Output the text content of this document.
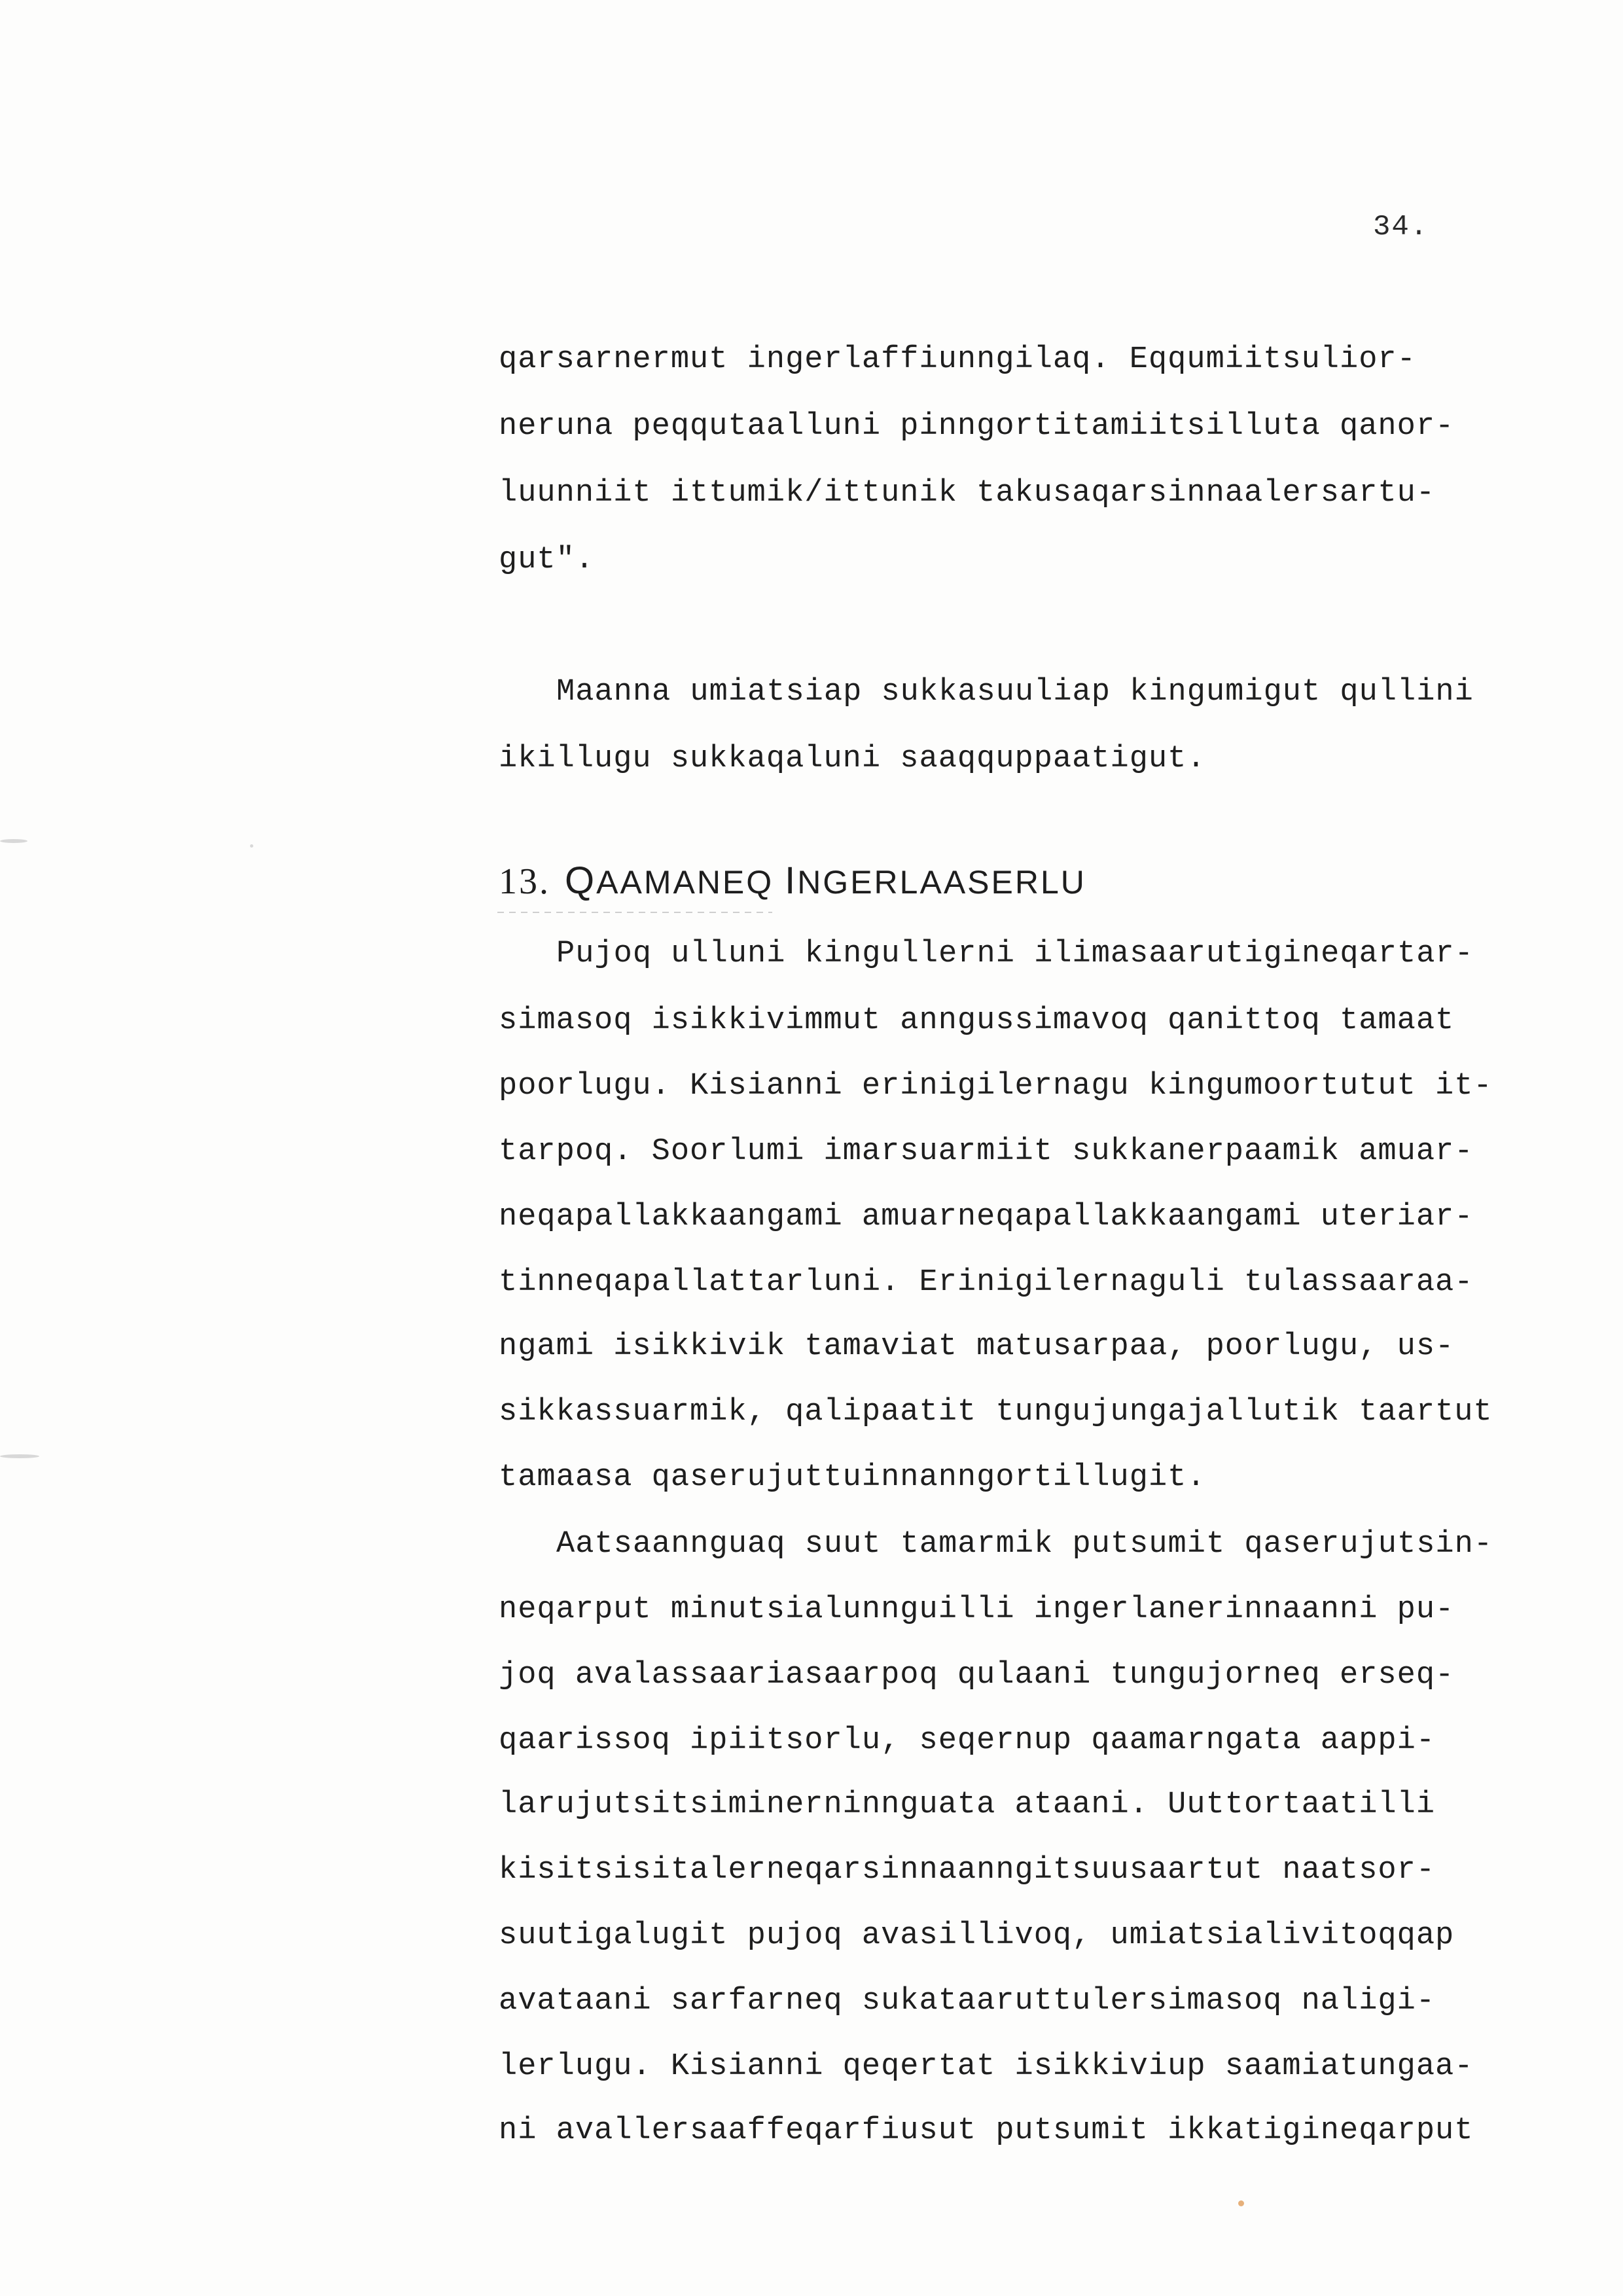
34.
qarsarnermut ingerlaffiunngilaq. Eqqumiitsulior-
neruna peqqutaalluni pinngortitamiitsilluta qanor-
luunniit ittumik/ittunik takusaqarsinnaalersartu-
gut".
Maanna umiatsiap sukkasuuliap kingumigut qullini
ikillugu sukkaqaluni saaqquppaatigut.
13. QAAMANEQ INGERLAASERLU
Pujoq ulluni kingullerni ilimasaarutigineqartar-
simasoq isikkivimmut anngussimavoq qanittoq tamaat
poorlugu. Kisianni erinigilernagu kingumoortutut it-
tarpoq. Soorlumi imarsuarmiit sukkanerpaamik amuar-
neqapallakkaangami amuarneqapallakkaangami uteriar-
tinneqapallattarluni. Erinigilernaguli tulassaaraa-
ngami isikkivik tamaviat matusarpaa, poorlugu, us-
sikkassuarmik, qalipaatit tungujungajallutik taartut
tamaasa qaserujuttuinnanngortillugit.
Aatsaannguaq suut tamarmik putsumit qaserujutsin-
neqarput minutsialunnguilli ingerlanerinnaanni pu-
joq avalassaariasaarpoq qulaani tungujorneq erseq-
qaarissoq ipiitsorlu, seqernup qaamarngata aappi-
larujutsitsiminerninnguata ataani. Uuttortaatilli
kisitsisitalerneqarsinnaanngitsuusaartut naatsor-
suutigalugit pujoq avasillivoq, umiatsialivitoqqap
avataani sarfarneq sukataaruttulersimasoq naligi-
lerlugu. Kisianni qeqertat isikkiviup saamiatungaa-
ni avallersaaffeqarfiusut putsumit ikkatigineqarput
